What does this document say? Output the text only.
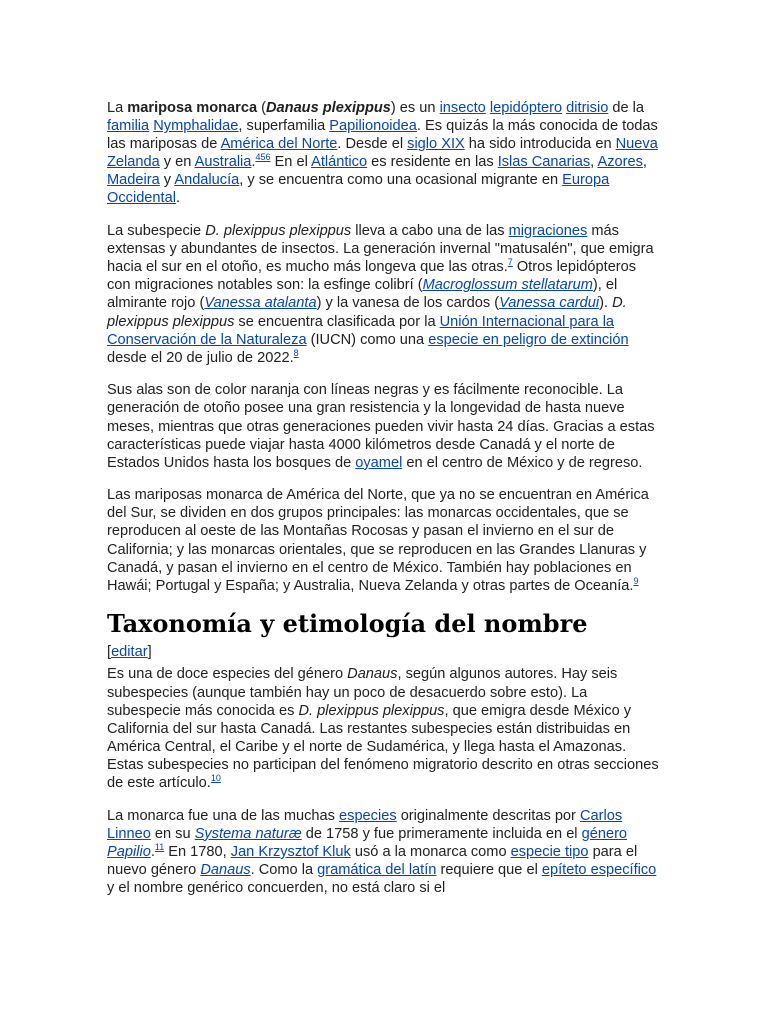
La mariposa monarca (Danaus plexippus) es un insecto lepidóptero ditrisio de la familia Nymphalidae, superfamilia Papilionoidea. Es quizás la más conocida de todas las mariposas de América del Norte. Desde el siglo XIX ha sido introducida en Nueva Zelanda y en Australia.$^{456}$ En el Atlántico es residente en las Islas Canarias, Azores, Madeira y Andalucía, y se encuentra como una ocasional migrante en Europa Occidental.

La subespecie D. plexippus plexippus lleva a cabo una de las migraciones más extensas y abundantes de insectos. La generación invernal "matusalén", que emigra hacia el sur en el otoño, es mucho más longeva que las otras.$^7$ Otros lepidópteros con migraciones notables son: la esfinge colibrí (Macroglossum stellatarum), el almirante rojo (Vanessa atalanta) y la vanesa de los cardos (Vanessa cardui). D. plexippus plexippus se encuentra clasificada por la Unión Internacional para la Conservación de la Naturaleza (IUCN) como una especie en peligro de extinción desde el 20 de julio de 2022.$^8$

Sus alas son de color naranja con líneas negras y es fácilmente reconocible. La generación de otoño posee una gran resistencia y la longevidad de hasta nueve meses, mientras que otras generaciones pueden vivir hasta 24 días. Gracias a estas características puede viajar hasta 4000 kilómetros desde Canadá y el norte de Estados Unidos hasta los bosques de oyamel en el centro de México y de regreso.

Las mariposas monarca de América del Norte, que ya no se encuentran en América del Sur, se dividen en dos grupos principales: las monarcas occidentales, que se reproducen al oeste de las Montañas Rocosas y pasan el invierno en el sur de California; y las monarcas orientales, que se reproducen en las Grandes Llanuras y Canadá, y pasan el invierno en el centro de México. También hay poblaciones en Hawái; Portugal y España; y Australia, Nueva Zelanda y otras partes de Oceanía.$^9$

Taxonomía y etimología del nombre
[editar]

Es una de doce especies del género Danaus, según algunos autores. Hay seis subespecies (aunque también hay un poco de desacuerdo sobre esto). La subespecie más conocida es D. plexippus plexippus, que emigra desde México y California del sur hasta Canadá. Las restantes subespecies están distribuidas en América Central, el Caribe y el norte de Sudamérica, y llega hasta el Amazonas. Estas subespecies no participan del fenómeno migratorio descrito en otras secciones de este artículo.$^{10}$

La monarca fue una de las muchas especies originalmente descritas por Carlos Linneo en su Systema naturæ de 1758 y fue primeramente incluida en el género Papilio.$^{11}$ En 1780, Jan Krzysztof Kluk usó a la monarca como especie tipo para el nuevo género Danaus. Como la gramática del latín requiere que el epíteto específico y el nombre genérico concuerden, no está claro si el
